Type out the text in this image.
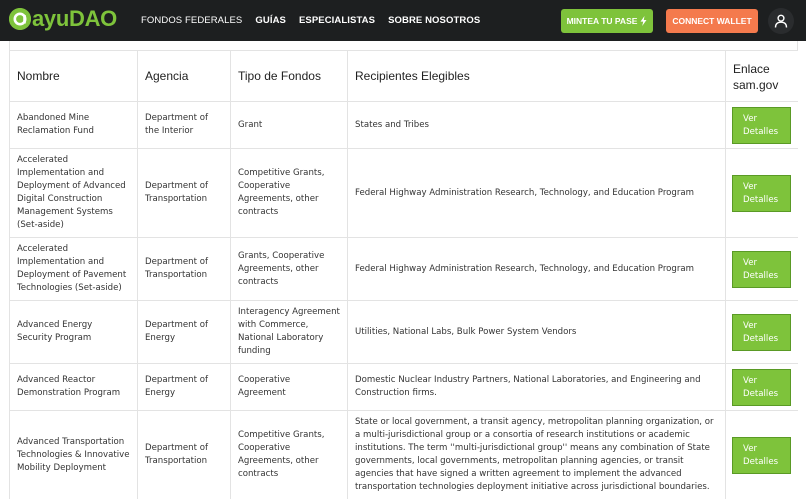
ayuDAO	FONDOS FEDERALES GUÍAS ESPECIALISTAS SOBRE NOSOTROS	MINTEA TU PASE	CONNECT WALLET
Nombre	Agencia	Tipo de Fondos	Recipientes Elegibles	Enlace sam.gov
Abandoned Mine Reclamation Fund	Department of the Interior	Grant	States and Tribes	Ver Detalles

Accelerated Implementation and Deployment of Advanced Digital Construction Management Systems (Set-aside)	Department of Transportation	Competitive Grants, Cooperative Agreements, other contracts	Federal Highway Administration Research, Technology, and Education Program	Ver Detalles

Accelerated Implementation and Deployment of Pavement Technologies (Set-aside)	Department of Transportation	Grants, Cooperative Agreements, other contracts	Federal Highway Administration Research, Technology, and Education Program	Ver Detalles

Advanced Energy Security Program	Department of Energy	Interagency Agreement with Commerce, National Laboratory funding	Utilities, National Labs, Bulk Power System Vendors	Ver Detalles

Advanced Reactor Demonstration Program	Department of Energy	Cooperative Agreement	Domestic Nuclear Industry Partners, National Laboratories, and Engineering and Construction firms.	Ver Detalles

Advanced Transportation Technologies & Innovative Mobility Deployment	Department of Transportation	Competitive Grants, Cooperative Agreements, other contracts	State or local government, a transit agency, metropolitan planning organization, or a multi-jurisdictional group or a consortia of research institutions or academic institutions. The term ''multi-jurisdictional group'' means any combination of State governments, local governments, metropolitan planning agencies, or transit agencies that have signed a written agreement to implement the advanced transportation technologies deployment initiative across jurisdictional boundaries.	Ver Detalles
